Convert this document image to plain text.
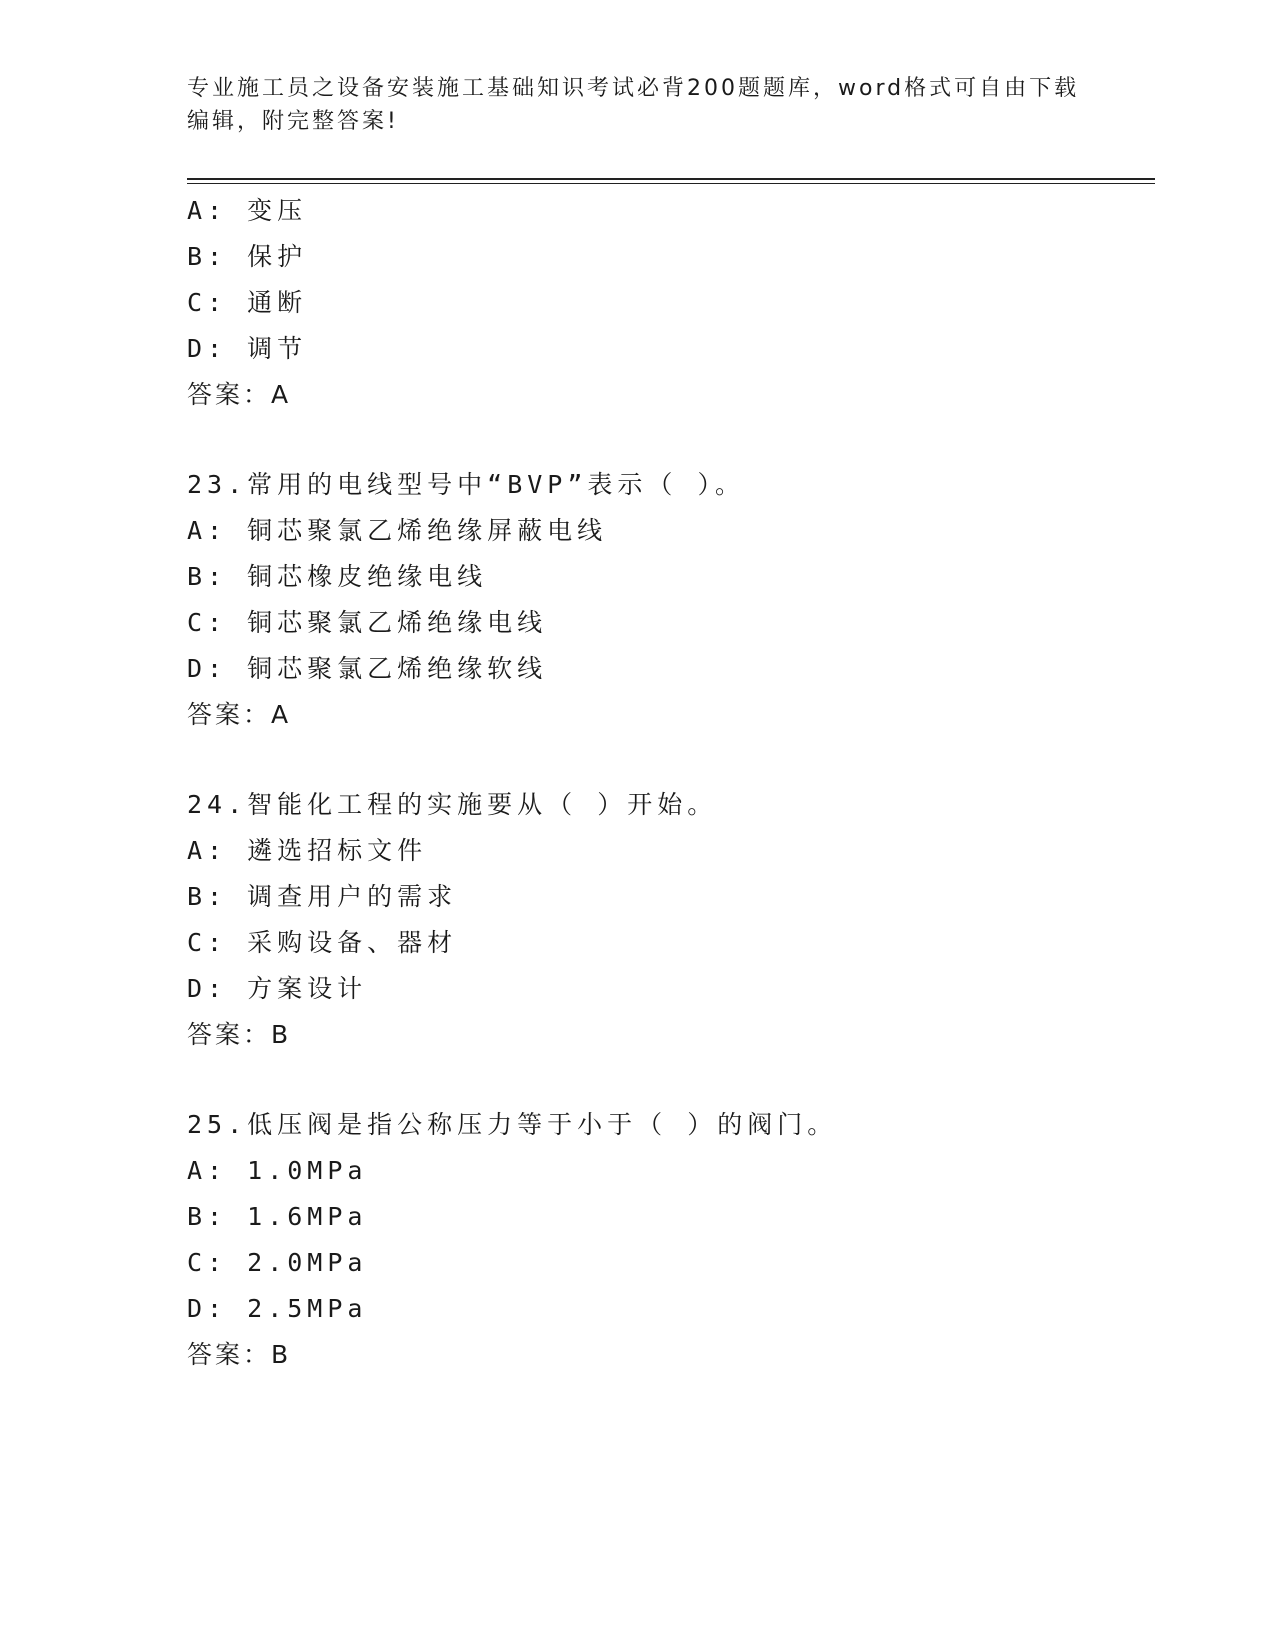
专业施工员之设备安装施工基础知识考试必背200题题库，word格式可自由下载
编辑，附完整答案!
A: 变压
B: 保护
C: 通断
D: 调节
答案：A
23.常用的电线型号中“BVP”表示（ ）。
A: 铜芯聚氯乙烯绝缘屏蔽电线
B: 铜芯橡皮绝缘电线
C: 铜芯聚氯乙烯绝缘电线
D: 铜芯聚氯乙烯绝缘软线
答案：A
24.智能化工程的实施要从（ ）开始。
A: 遴选招标文件
B: 调查用户的需求
C: 采购设备、器材
D: 方案设计
答案：B
25.低压阀是指公称压力等于小于（ ）的阀门。
A: 1.0MPa
B: 1.6MPa
C: 2.0MPa
D: 2.5MPa
答案：B
